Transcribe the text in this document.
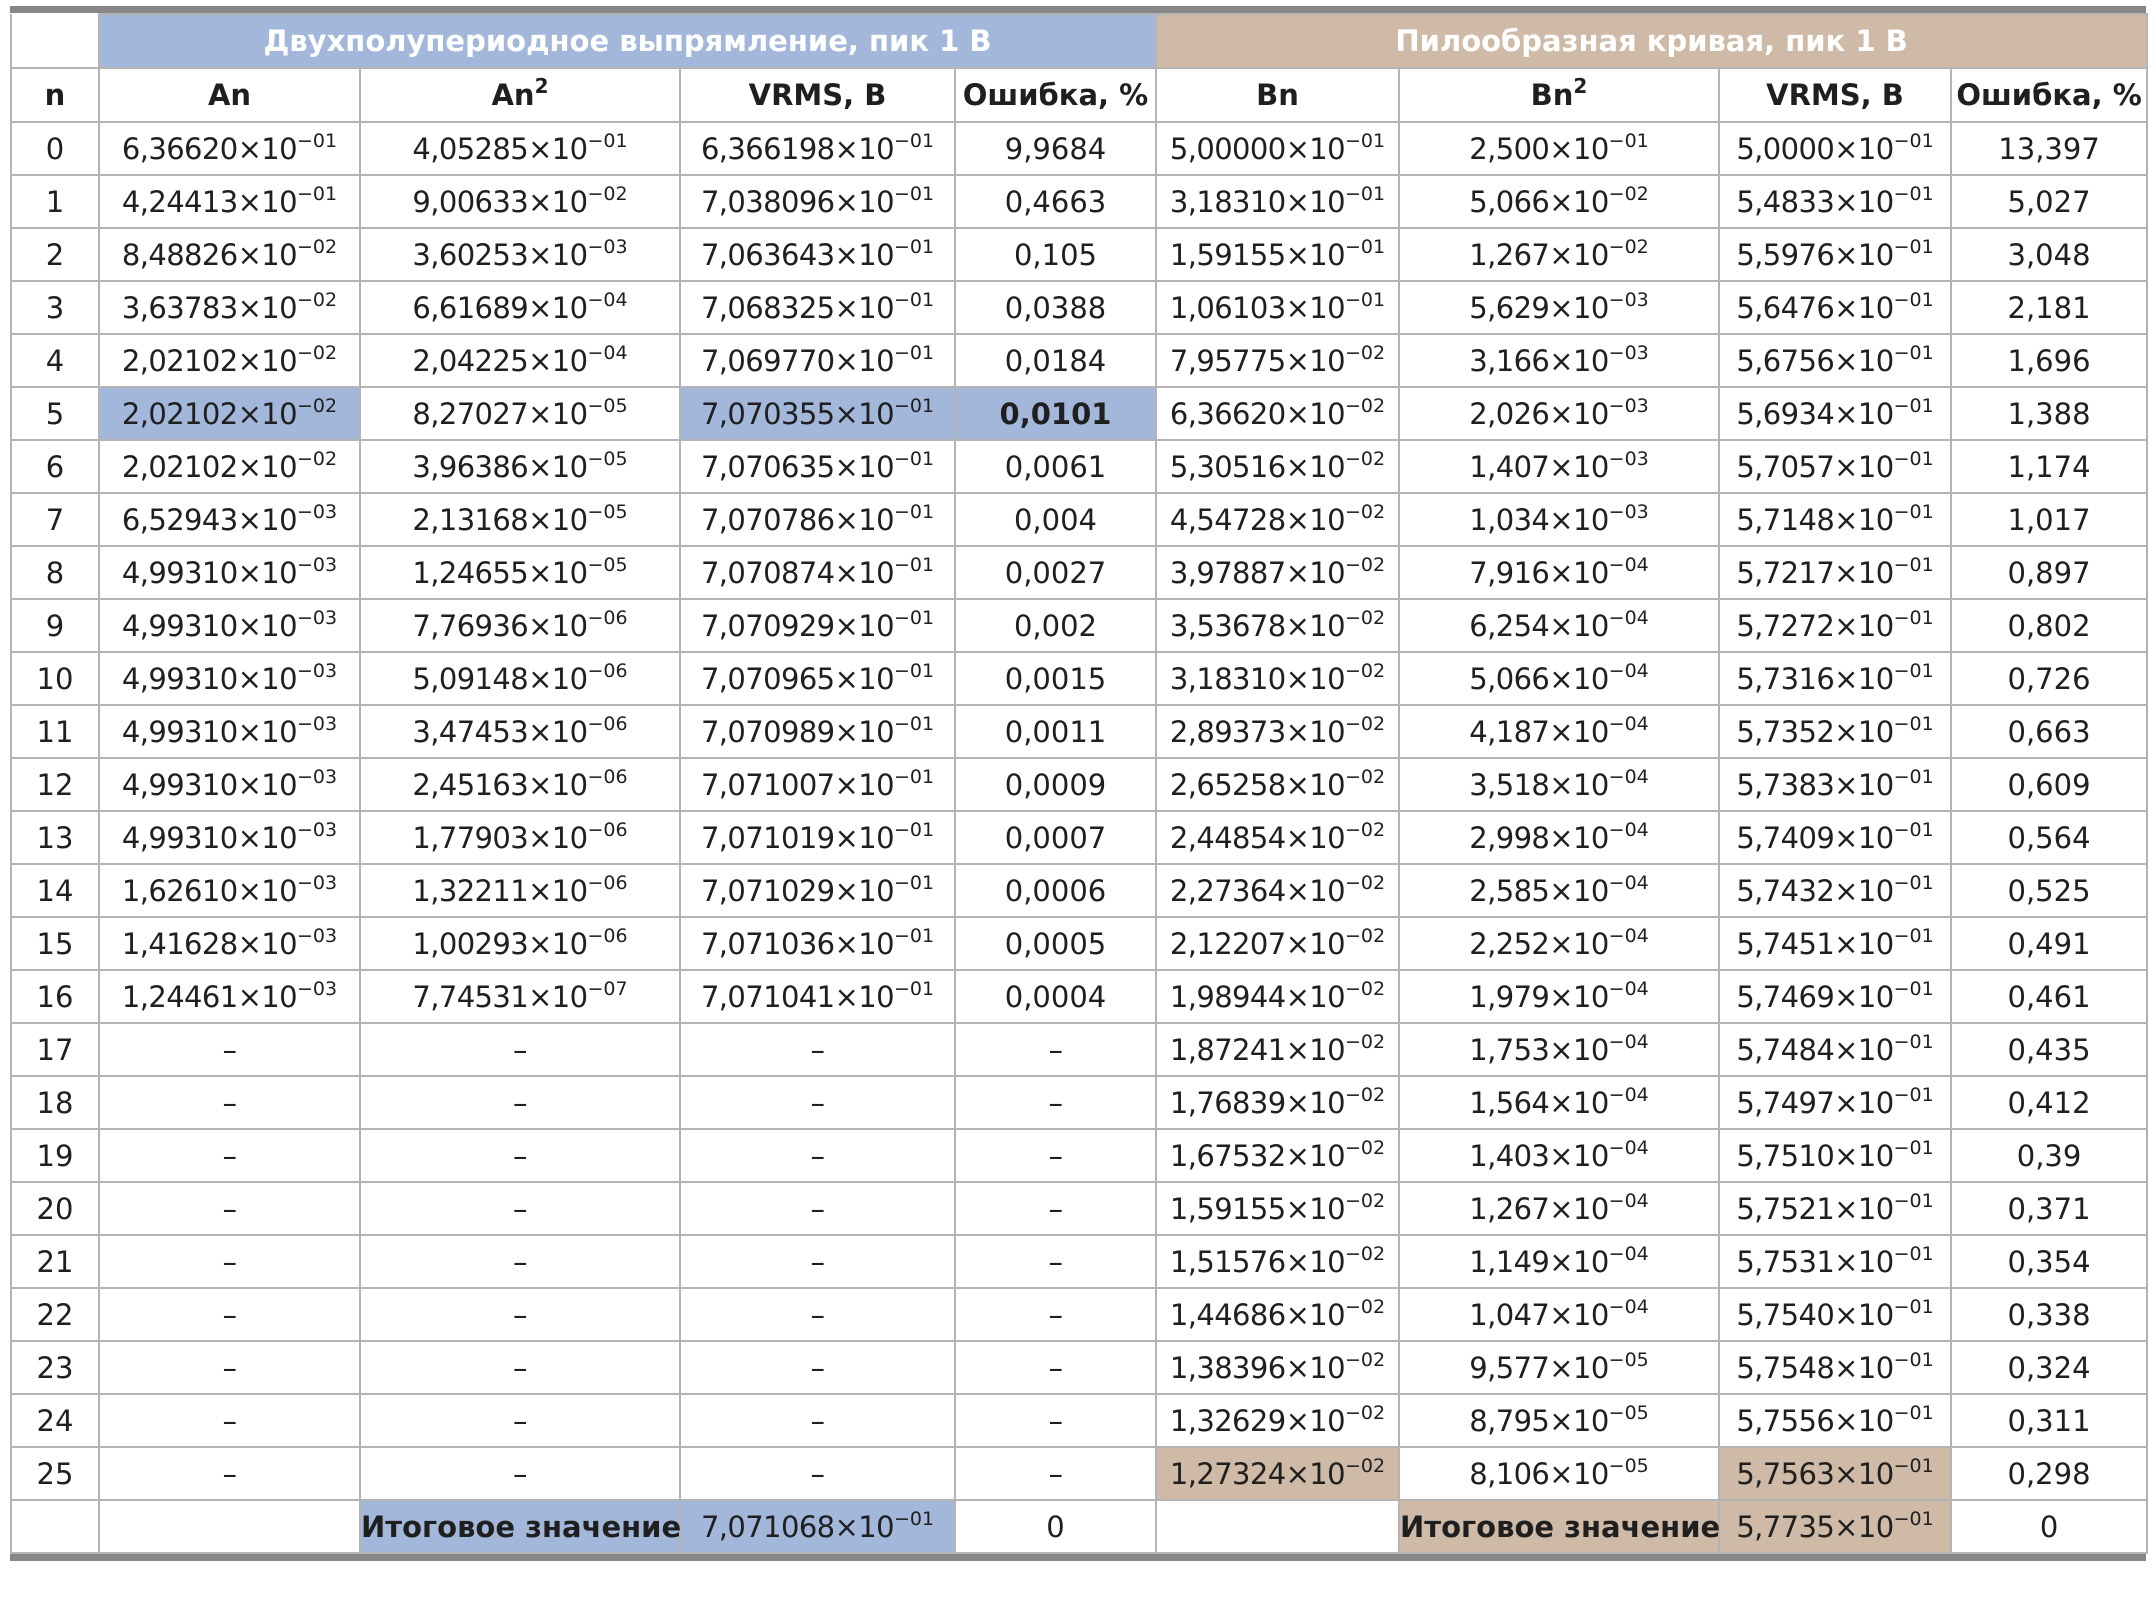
	Двухполупериодное выпрямление, пик 1 В				Пилообразная кривая, пик 1 В			
n	An	An$^2$	VRMS, В	Ошибка, %	Bn	Bn$^2$	VRMS, В	Ошибка, %
0	$6,36620\times 10^{-01}$	$4,05285\times 10^{-01}$	$6,366198\times 10^{-01}$	9,9684	$5,00000\times 10^{-01}$	$2,500\times 10^{-01}$	$5,0000\times 10^{-01}$	13,397
1	$4,24413\times 10^{-01}$	$9,00633\times 10^{-02}$	$7,038096\times 10^{-01}$	0,4663	$3,18310\times 10^{-01}$	$5,066\times 10^{-02}$	$5,4833\times 10^{-01}$	5,027
2	$8,48826\times 10^{-02}$	$3,60253\times 10^{-03}$	$7,063643\times 10^{-01}$	0,105	$1,59155\times 10^{-01}$	$1,267\times 10^{-02}$	$5,5976\times 10^{-01}$	3,048
3	$3,63783\times 10^{-02}$	$6,61689\times 10^{-04}$	$7,068325\times 10^{-01}$	0,0388	$1,06103\times 10^{-01}$	$5,629\times 10^{-03}$	$5,6476\times 10^{-01}$	2,181
4	$2,02102\times 10^{-02}$	$2,04225\times 10^{-04}$	$7,069770\times 10^{-01}$	0,0184	$7,95775\times 10^{-02}$	$3,166\times 10^{-03}$	$5,6756\times 10^{-01}$	1,696
5	$2,02102\times 10^{-02}$	$8,27027\times 10^{-05}$	$7,070355\times 10^{-01}$	0,0101	$6,36620\times 10^{-02}$	$2,026\times 10^{-03}$	$5,6934\times 10^{-01}$	1,388
6	$2,02102\times 10^{-02}$	$3,96386\times 10^{-05}$	$7,070635\times 10^{-01}$	0,0061	$5,30516\times 10^{-02}$	$1,407\times 10^{-03}$	$5,7057\times 10^{-01}$	1,174
7	$6,52943\times 10^{-03}$	$2,13168\times 10^{-05}$	$7,070786\times 10^{-01}$	0,004	$4,54728\times 10^{-02}$	$1,034\times 10^{-03}$	$5,7148\times 10^{-01}$	1,017
8	$4,99310\times 10^{-03}$	$1,24655\times 10^{-05}$	$7,070874\times 10^{-01}$	0,0027	$3,97887\times 10^{-02}$	$7,916\times 10^{-04}$	$5,7217\times 10^{-01}$	0,897
9	$4,99310\times 10^{-03}$	$7,76936\times 10^{-06}$	$7,070929\times 10^{-01}$	0,002	$3,53678\times 10^{-02}$	$6,254\times 10^{-04}$	$5,7272\times 10^{-01}$	0,802
10	$4,99310\times 10^{-03}$	$5,09148\times 10^{-06}$	$7,070965\times 10^{-01}$	0,0015	$3,18310\times 10^{-02}$	$5,066\times 10^{-04}$	$5,7316\times 10^{-01}$	0,726
11	$4,99310\times 10^{-03}$	$3,47453\times 10^{-06}$	$7,070989\times 10^{-01}$	0,0011	$2,89373\times 10^{-02}$	$4,187\times 10^{-04}$	$5,7352\times 10^{-01}$	0,663
12	$4,99310\times 10^{-03}$	$2,45163\times 10^{-06}$	$7,071007\times 10^{-01}$	0,0009	$2,65258\times 10^{-02}$	$3,518\times 10^{-04}$	$5,7383\times 10^{-01}$	0,609
13	$4,99310\times 10^{-03}$	$1,77903\times 10^{-06}$	$7,071019\times 10^{-01}$	0,0007	$2,44854\times 10^{-02}$	$2,998\times 10^{-04}$	$5,7409\times 10^{-01}$	0,564
14	$1,62610\times 10^{-03}$	$1,32211\times 10^{-06}$	$7,071029\times 10^{-01}$	0,0006	$2,27364\times 10^{-02}$	$2,585\times 10^{-04}$	$5,7432\times 10^{-01}$	0,525
15	$1,41628\times 10^{-03}$	$1,00293\times 10^{-06}$	$7,071036\times 10^{-01}$	0,0005	$2,12207\times 10^{-02}$	$2,252\times 10^{-04}$	$5,7451\times 10^{-01}$	0,491
16	$1,24461\times 10^{-03}$	$7,74531\times 10^{-07}$	$7,071041\times 10^{-01}$	0,0004	$1,98944\times 10^{-02}$	$1,979\times 10^{-04}$	$5,7469\times 10^{-01}$	0,461
17	–	–	–	–	$1,87241\times 10^{-02}$	$1,753\times 10^{-04}$	$5,7484\times 10^{-01}$	0,435
18	–	–	–	–	$1,76839\times 10^{-02}$	$1,564\times 10^{-04}$	$5,7497\times 10^{-01}$	0,412
19	–	–	–	–	$1,67532\times 10^{-02}$	$1,403\times 10^{-04}$	$5,7510\times 10^{-01}$	0,39
20	–	–	–	–	$1,59155\times 10^{-02}$	$1,267\times 10^{-04}$	$5,7521\times 10^{-01}$	0,371
21	–	–	–	–	$1,51576\times 10^{-02}$	$1,149\times 10^{-04}$	$5,7531\times 10^{-01}$	0,354
22	–	–	–	–	$1,44686\times 10^{-02}$	$1,047\times 10^{-04}$	$5,7540\times 10^{-01}$	0,338
23	–	–	–	–	$1,38396\times 10^{-02}$	$9,577\times 10^{-05}$	$5,7548\times 10^{-01}$	0,324
24	–	–	–	–	$1,32629\times 10^{-02}$	$8,795\times 10^{-05}$	$5,7556\times 10^{-01}$	0,311
25	–	–	–	–	$1,27324\times 10^{-02}$	$8,106\times 10^{-05}$	$5,7563\times 10^{-01}$	0,298
		Итоговое значение	$7,071068\times 10^{-01}$	0		Итоговое значение	$5,7735\times 10^{-01}$	0
